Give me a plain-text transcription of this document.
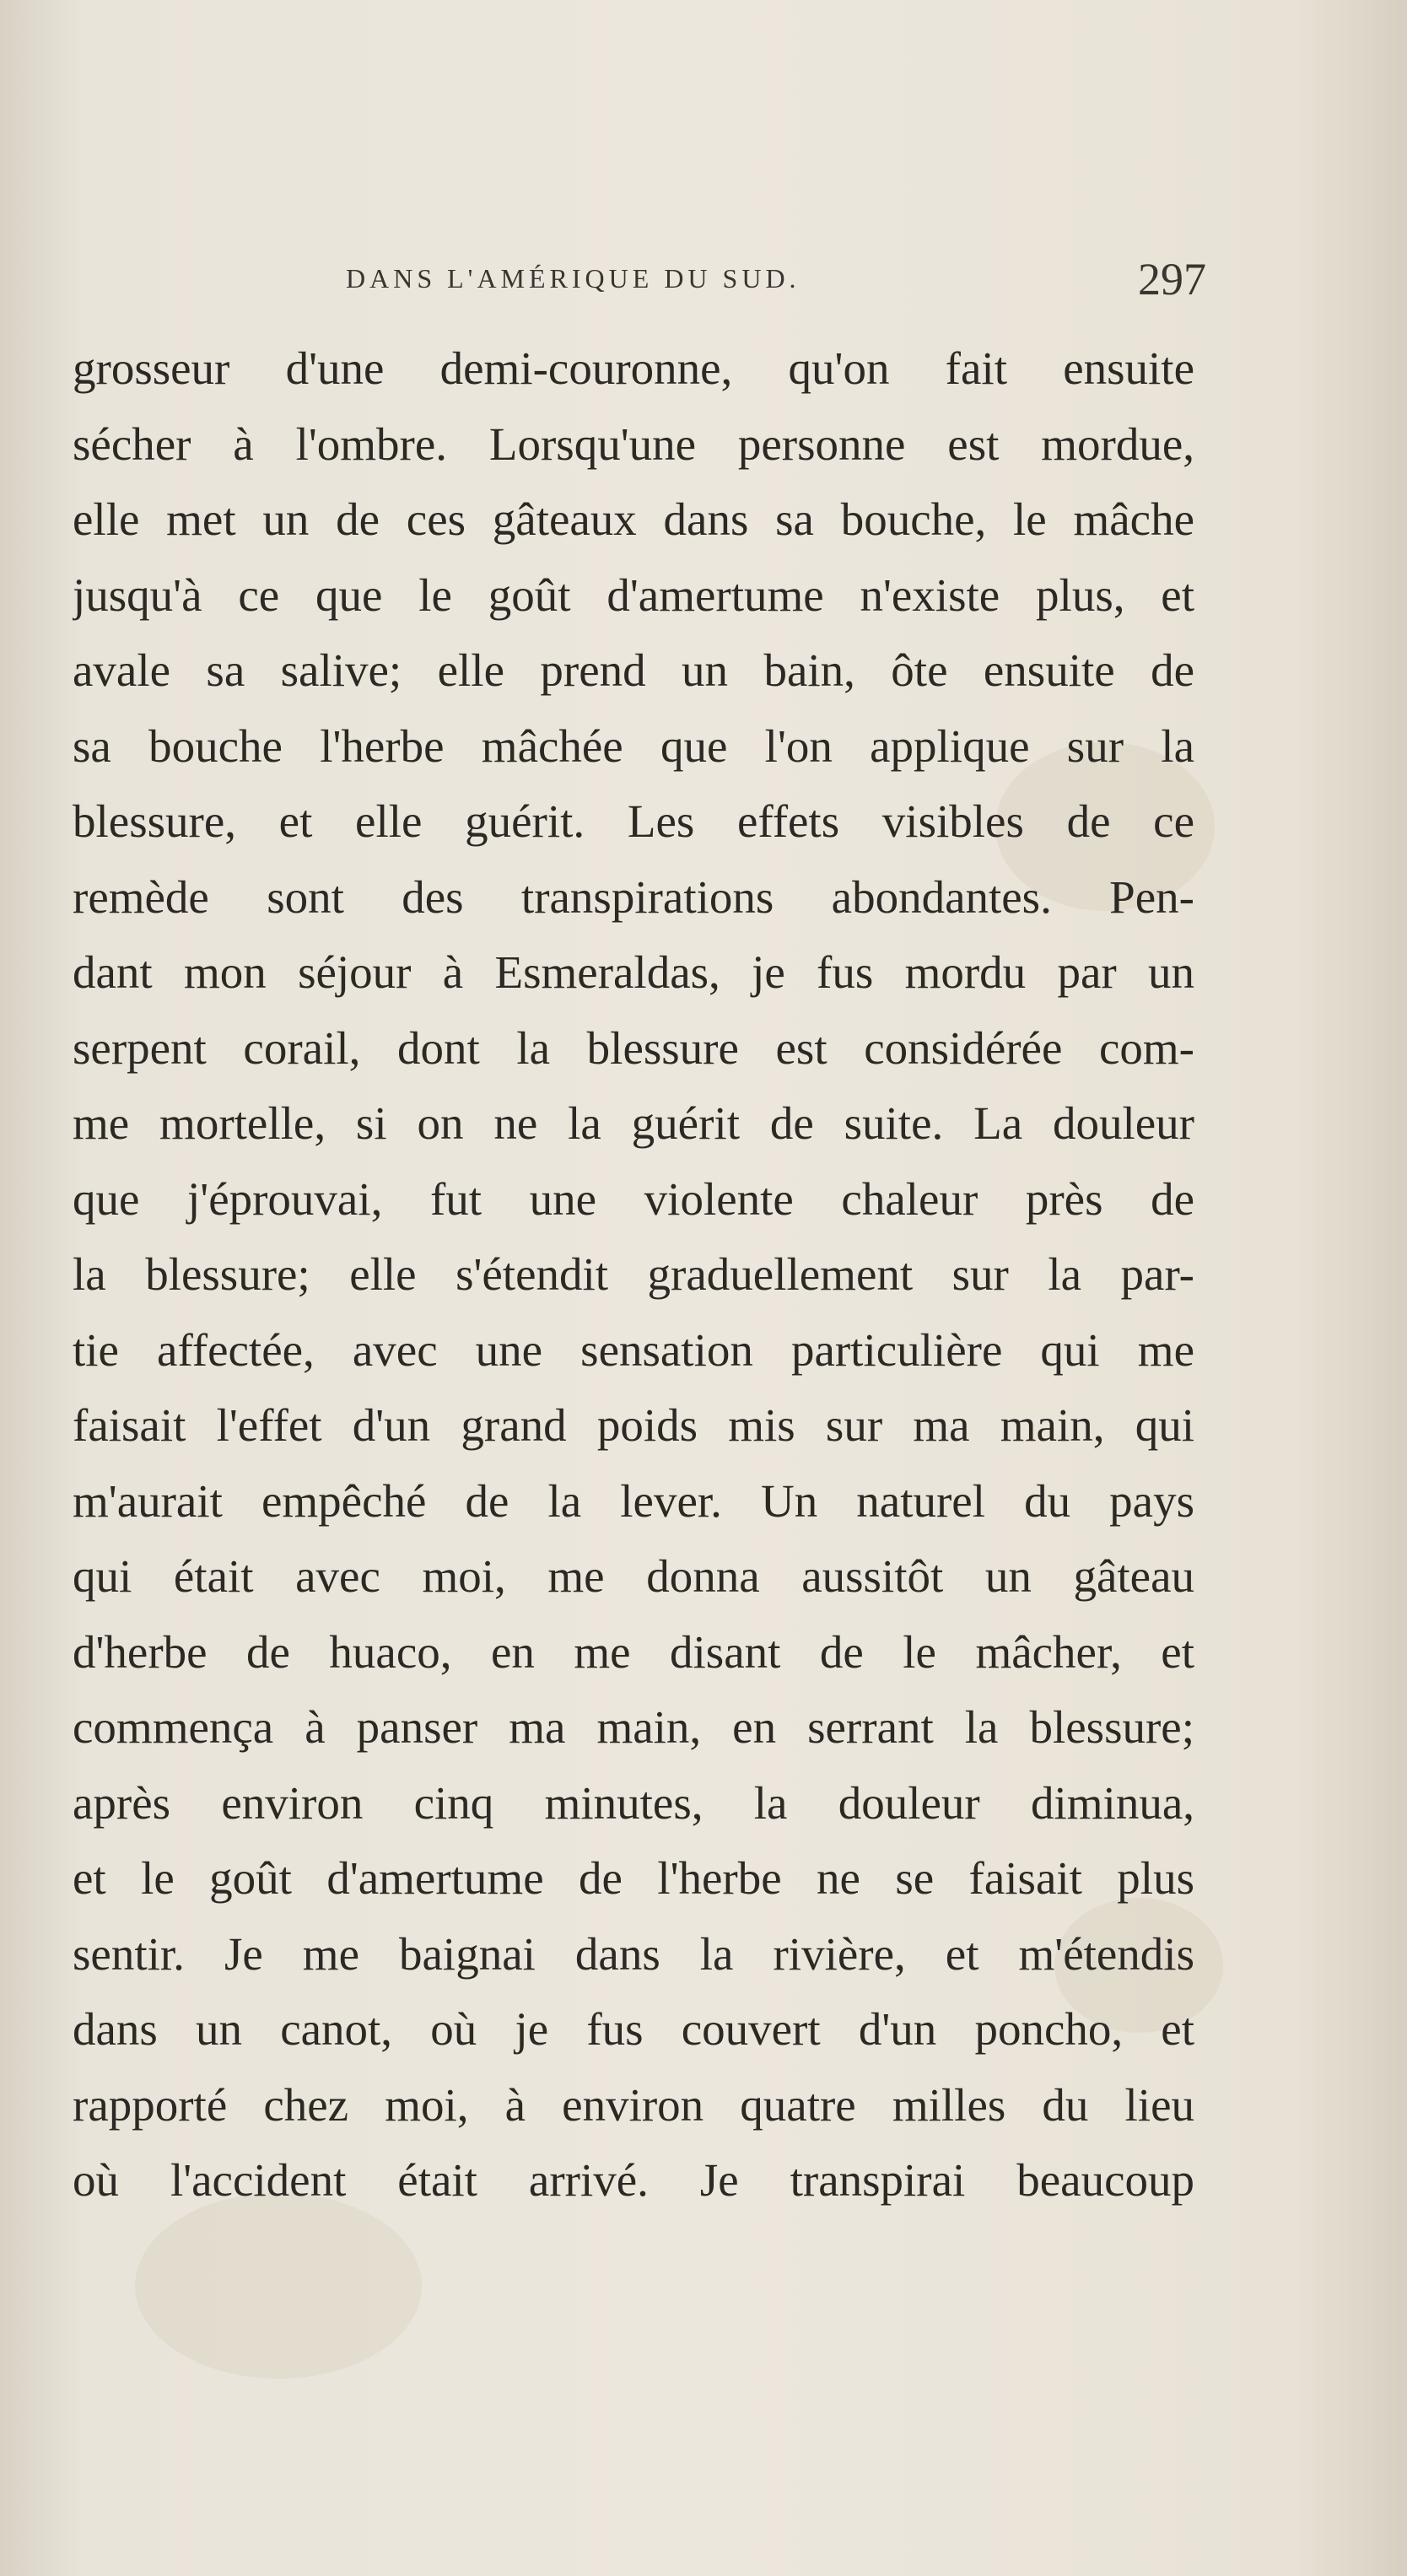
DANS L'AMÉRIQUE DU SUD.	297
grosseur d'une demi-couronne, qu'on fait ensuite
sécher à l'ombre. Lorsqu'une personne est mordue,
elle met un de ces gâteaux dans sa bouche, le mâche
jusqu'à ce que le goût d'amertume n'existe plus, et
avale sa salive; elle prend un bain, ôte ensuite de
sa bouche l'herbe mâchée que l'on applique sur la
blessure, et elle guérit. Les effets visibles de ce
remède sont des transpirations abondantes. Pen-
dant mon séjour à Esmeraldas, je fus mordu par un
serpent corail, dont la blessure est considérée com-
me mortelle, si on ne la guérit de suite. La douleur
que j'éprouvai, fut une violente chaleur près de
la blessure; elle s'étendit graduellement sur la par-
tie affectée, avec une sensation particulière qui me
faisait l'effet d'un grand poids mis sur ma main, qui
m'aurait empêché de la lever. Un naturel du pays
qui était avec moi, me donna aussitôt un gâteau
d'herbe de huaco, en me disant de le mâcher, et
commença à panser ma main, en serrant la blessure;
après environ cinq minutes, la douleur diminua,
et le goût d'amertume de l'herbe ne se faisait plus
sentir. Je me baignai dans la rivière, et m'étendis
dans un canot, où je fus couvert d'un poncho, et
rapporté chez moi, à environ quatre milles du lieu
où l'accident était arrivé. Je transpirai beaucoup
